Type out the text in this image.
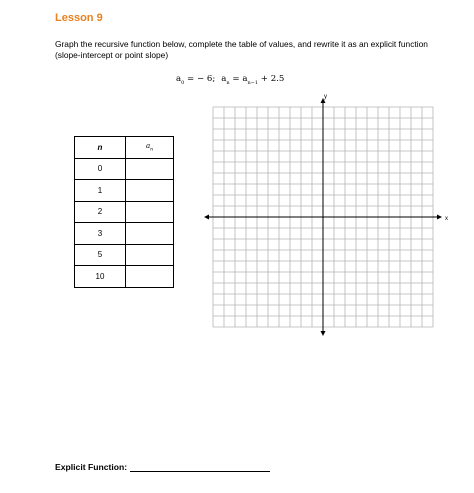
Lesson 9
Graph the recursive function below, complete the table of values, and rewrite it as an explicit function (slope-intercept or point slope)
$a_0$ = − 6; $a_n = a_{n-1} + 2.5$
n	$a_n$
0	
1	
2	
3	
5	
10	
x
y
Explicit Function:
